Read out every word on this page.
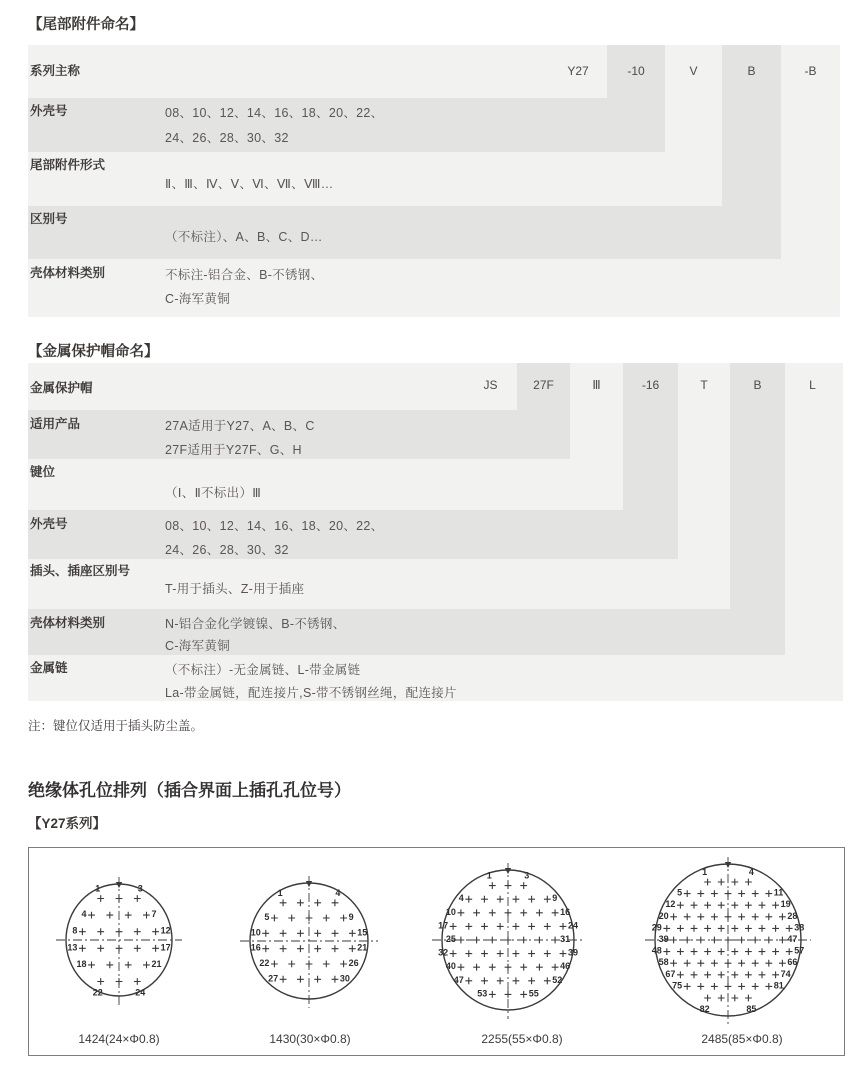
【尾部附件命名】
系列主称	Y27	-10	V	B	-B
外壳号	08、10、12、14、16、18、20、22、
24、26、28、30、32
尾部附件形式
Ⅱ、Ⅲ、Ⅳ、Ⅴ、Ⅵ、Ⅶ、Ⅷ…
区别号
（不标注）、A、B、C、D…
壳体材料类别	不标注-铝合金、B-不锈钢、
C-海军黄铜
【金属保护帽命名】
金属保护帽	JS	27F	Ⅲ	-16	T	B	L
适用产品	27A适用于Y27、A、B、C
27F适用于Y27F、G、H
键位
（Ⅰ、Ⅱ不标出）Ⅲ
外壳号	08、10、12、14、16、18、20、22、
24、26、28、30、32
插头、插座区别号
T-用于插头、Z-用于插座
壳体材料类别	N-铝合金化学镀镍、B-不锈钢、
C-海军黄铜
金属链	（不标注）-无金属链、L-带金属链
La-带金属链，配连接片,S-带不锈钢丝绳，配连接片
注：键位仅适用于插头防尘盖。
绝缘体孔位排列（插合界面上插孔孔位号）
【Y27系列】
1	3
4	7
8	12
13	17
18	21
22	24
1	4
5	9
10	15
16	21
22	26
27	30
1	3
4	9
10	16
17	24
25	31
32	39
40	46
47	52
53	55
1	4
5	11
12	19
20	28
29	38
39	47
48	57
58	66
67	74
75	81
82	85
1424(24×Φ0.8)	1430(30×Φ0.8)	2255(55×Φ0.8)	2485(85×Φ0.8)
